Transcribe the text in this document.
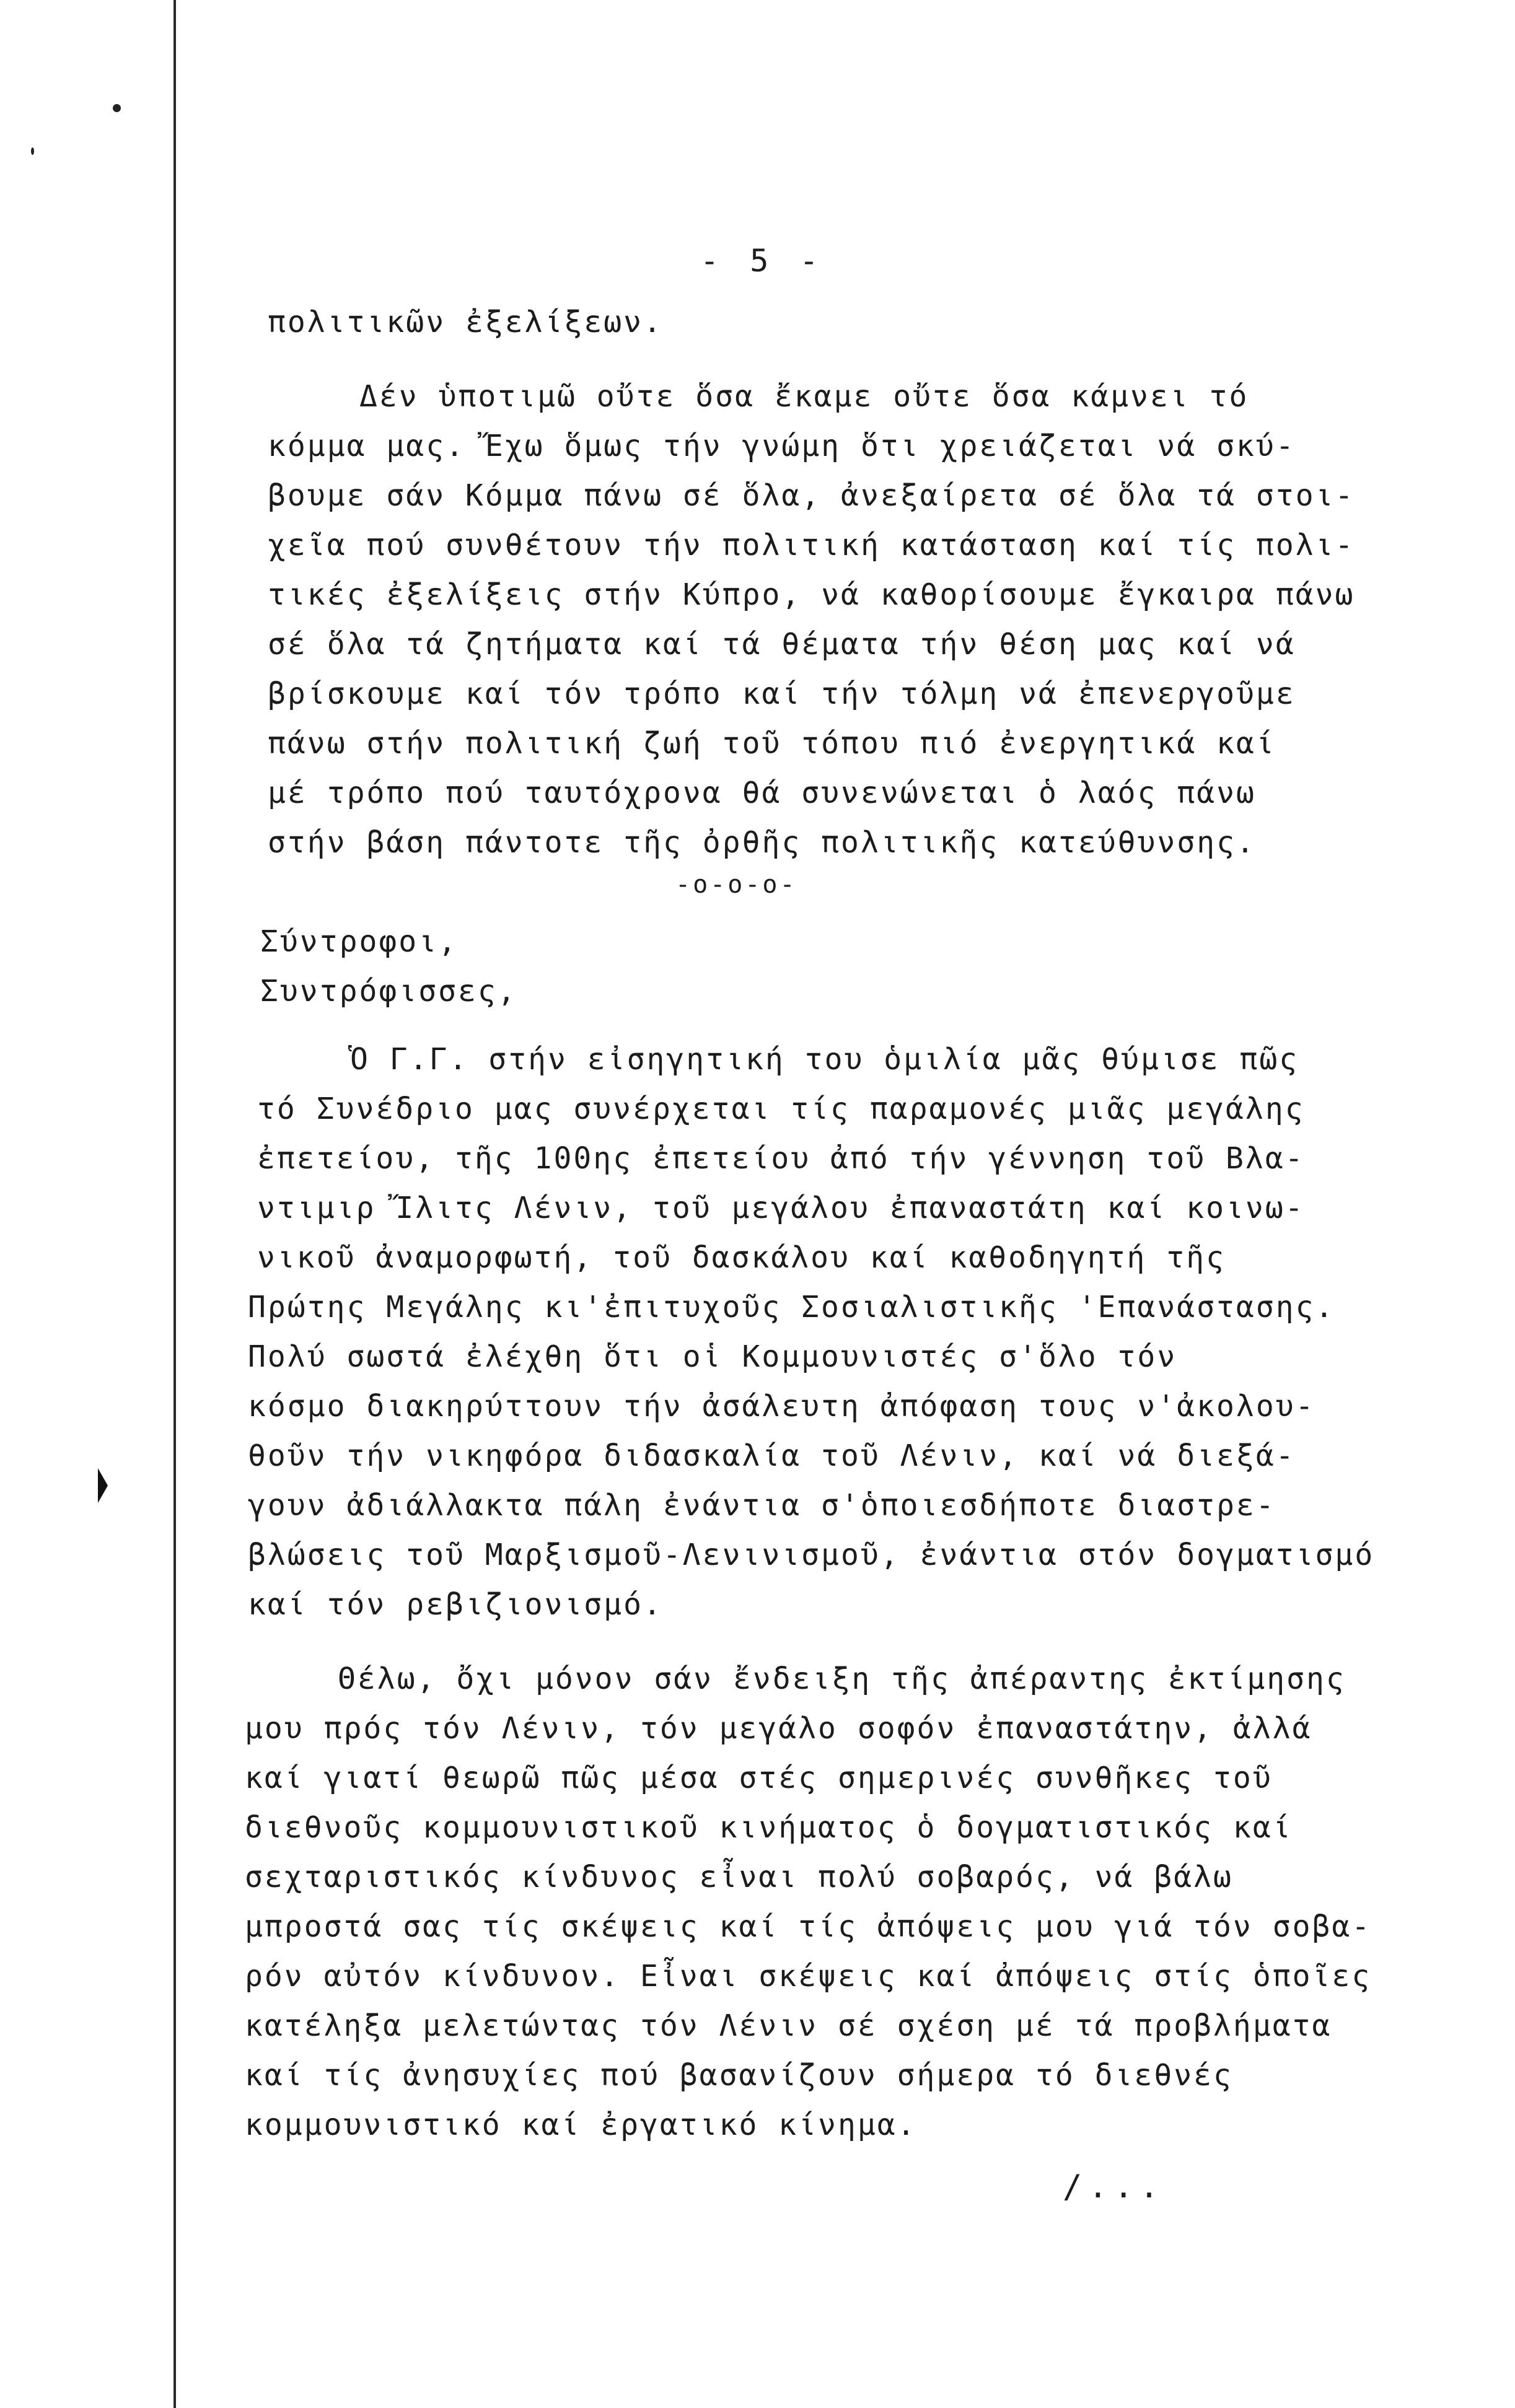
- 5 -
πολιτικῶν ἐξελίξεων.
Δέν ὑποτιμῶ οὔτε ὅσα ἔκαμε οὔτε ὅσα κάμνει τό
κόμμα μας. Ἔχω ὅμως τήν γνώμη ὅτι χρειάζεται νά σκύ-
βουμε σάν Κόμμα πάνω σέ ὅλα, ἀνεξαίρετα σέ ὅλα τά στοι-
χεῖα πού συνθέτουν τήν πολιτική κατάσταση καί τίς πολι-
τικές ἐξελίξεις στήν Κύπρο, νά καθορίσουμε ἔγκαιρα πάνω
σέ ὅλα τά ζητήματα καί τά θέματα τήν θέση μας καί νά
βρίσκουμε καί τόν τρόπο καί τήν τόλμη νά ἐπενεργοῦμε
πάνω στήν πολιτική ζωή τοῦ τόπου πιό ἐνεργητικά καί
μέ τρόπο πού ταυτόχρονα θά συνενώνεται ὁ λαός πάνω
στήν βάση πάντοτε τῆς ὀρθῆς πολιτικῆς κατεύθυνσης.
-o-o-o-
Σύντροφοι,
Συντρόφισσες,
Ὁ Γ.Γ. στήν εἰσηγητική του ὁμιλία μᾶς θύμισε πῶς
τό Συνέδριο μας συνέρχεται τίς παραμονές μιᾶς μεγάλης
ἐπετείου, τῆς 100ης ἐπετείου ἀπό τήν γέννηση τοῦ Βλα-
ντιμιρ Ἴλιτς Λένιν, τοῦ μεγάλου ἐπαναστάτη καί κοινω-
νικοῦ ἀναμορφωτή, τοῦ δασκάλου καί καθοδηγητή τῆς
Πρώτης Μεγάλης κι'ἐπιτυχοῦς Σοσιαλιστικῆς 'Επανάστασης.
Πολύ σωστά ἐλέχθη ὅτι οἱ Κομμουνιστές σ'ὅλο τόν
κόσμο διακηρύττουν τήν ἀσάλευτη ἀπόφαση τους ν'ἀκολου-
θοῦν τήν νικηφόρα διδασκαλία τοῦ Λένιν, καί νά διεξά-
γουν ἀδιάλλακτα πάλη ἐνάντια σ'ὁποιεσδήποτε διαστρε-
βλώσεις τοῦ Μαρξισμοῦ-Λενινισμοῦ, ἐνάντια στόν δογματισμό
καί τόν ρεβιζιονισμό.
Θέλω, ὄχι μόνον σάν ἔνδειξη τῆς ἀπέραντης ἐκτίμησης
μου πρός τόν Λένιν, τόν μεγάλο σοφόν ἐπαναστάτην, ἀλλά
καί γιατί θεωρῶ πῶς μέσα στές σημερινές συνθῆκες τοῦ
διεθνοῦς κομμουνιστικοῦ κινήματος ὁ δογματιστικός καί
σεχταριστικός κίνδυνος εἶναι πολύ σοβαρός, νά βάλω
μπροστά σας τίς σκέψεις καί τίς ἀπόψεις μου γιά τόν σοβα-
ρόν αὐτόν κίνδυνον. Εἶναι σκέψεις καί ἀπόψεις στίς ὁποῖες
κατέληξα μελετώντας τόν Λένιν σέ σχέση μέ τά προβλήματα
καί τίς ἀνησυχίες πού βασανίζουν σήμερα τό διεθνές
κομμουνιστικό καί ἐργατικό κίνημα.
/...
